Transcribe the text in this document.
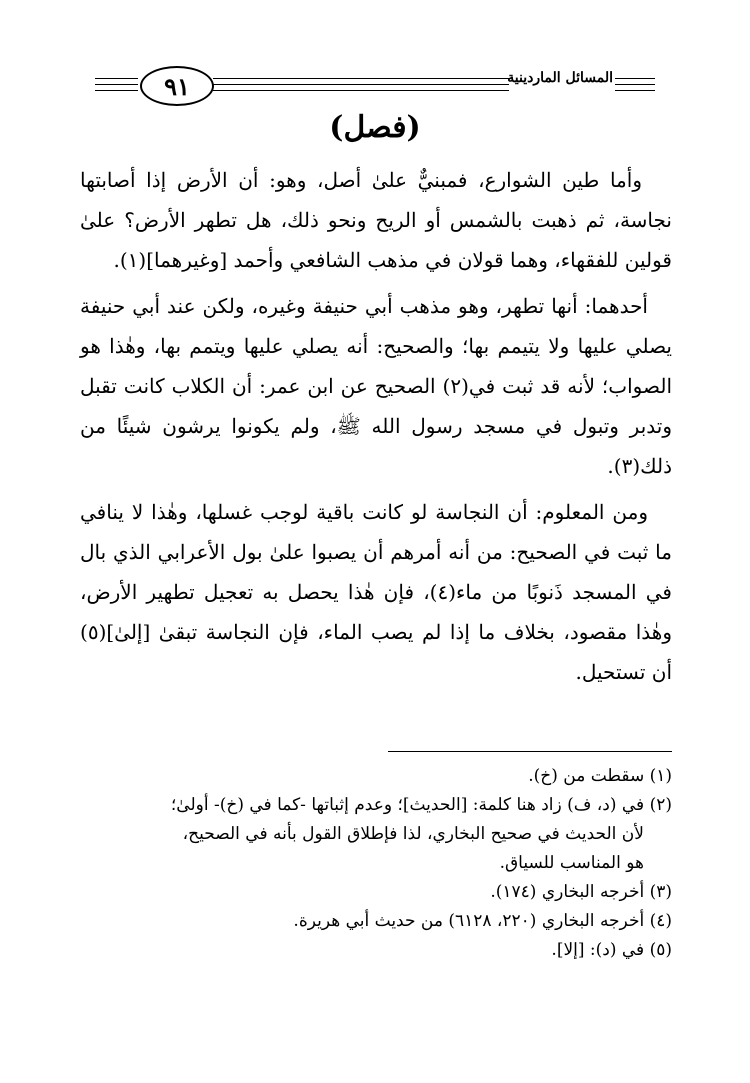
٩١	المسائل الماردينية
(فصل)

وأما طين الشوارع، فمبنيٌّ علىٰ أصل، وهو: أن الأرض إذا أصابتها نجاسة، ثم ذهبت بالشمس أو الريح ونحو ذلك، هل تطهر الأرض؟ علىٰ قولين للفقهاء، وهما قولان في مذهب الشافعي وأحمد [وغيرهما](١).

أحدهما: أنها تطهر، وهو مذهب أبي حنيفة وغيره، ولكن عند أبي حنيفة يصلي عليها ولا يتيمم بها؛ والصحيح: أنه يصلي عليها ويتمم بها، وهٰذا هو الصواب؛ لأنه قد ثبت في(٢) الصحيح عن ابن عمر: أن الكلاب كانت تقبل وتدبر وتبول في مسجد رسول الله ﷺ، ولم يكونوا يرشون شيئًا من ذلك(٣).

ومن المعلوم: أن النجاسة لو كانت باقية لوجب غسلها، وهٰذا لا ينافي ما ثبت في الصحيح: من أنه أمرهم أن يصبوا علىٰ بول الأعرابي الذي بال في المسجد ذَنوبًا من ماء(٤)، فإن هٰذا يحصل به تعجيل تطهير الأرض، وهٰذا مقصود، بخلاف ما إذا لم يصب الماء، فإن النجاسة تبقىٰ [إلىٰ](٥) أن تستحيل.

(١) سقطت من (خ).

(٢) في (د، ف) زاد هنا كلمة: [الحديث]؛ وعدم إثباتها -كما في (خ)- أولىٰ؛

لأن الحديث في صحيح البخاري، لذا فإطلاق القول بأنه في الصحيح،

هو المناسب للسياق.

(٣) أخرجه البخاري (١٧٤).

(٤) أخرجه البخاري (٢٢٠، ٦١٢٨) من حديث أبي هريرة.

(٥) في (د): [إلا].
